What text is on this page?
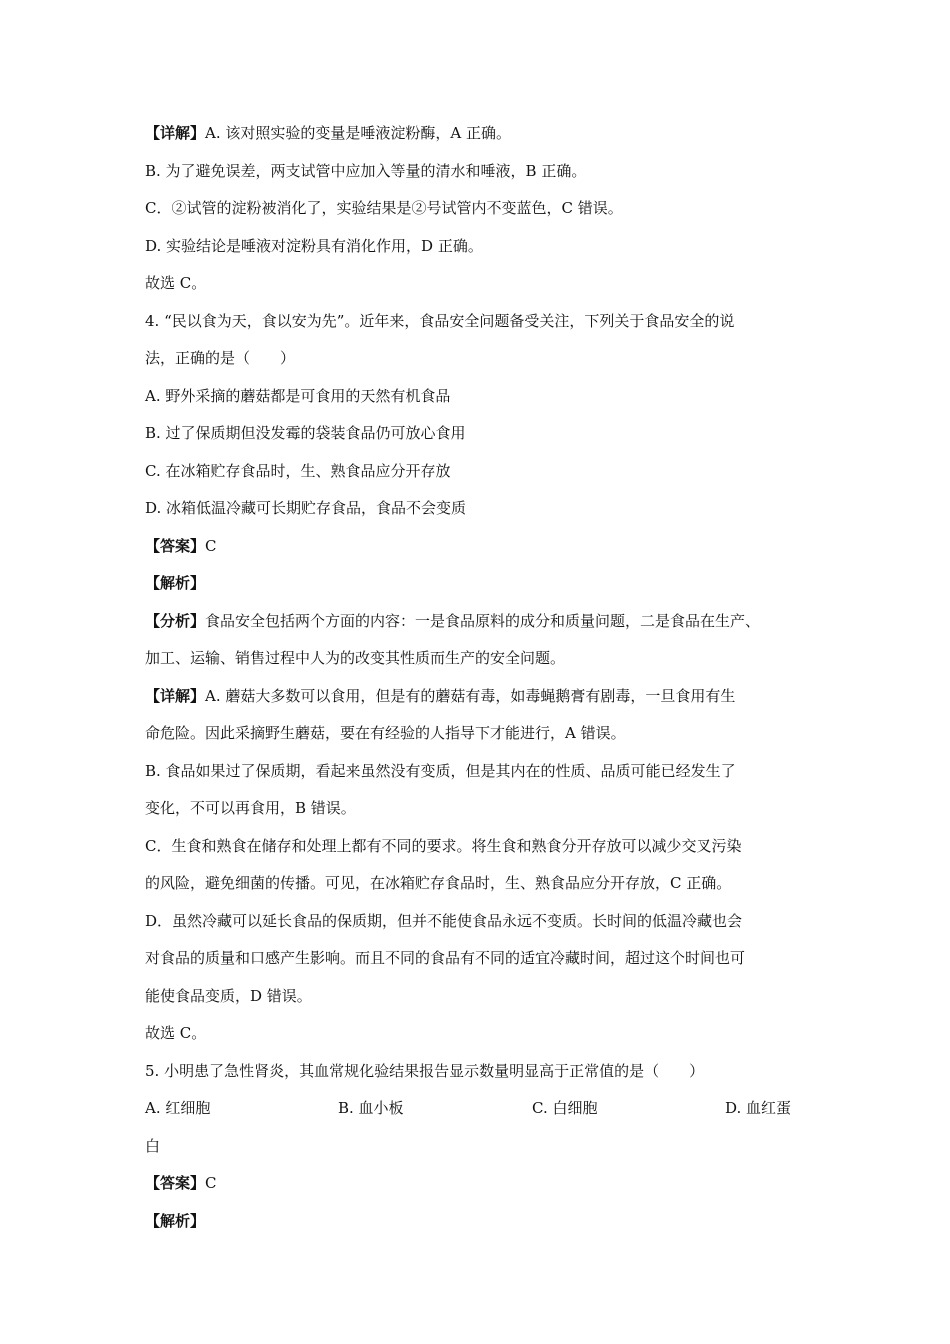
【详解】A. 该对照实验的变量是唾液淀粉酶，A 正确。
B. 为了避免误差，两支试管中应加入等量的清水和唾液，B 正确。
C．②试管的淀粉被消化了，实验结果是②号试管内不变蓝色，C 错误。
D. 实验结论是唾液对淀粉具有消化作用，D 正确。
故选 C。
4. “民以食为天，食以安为先”。近年来，食品安全问题备受关注，下列关于食品安全的说
法，正确的是（　　）
A. 野外采摘的蘑菇都是可食用的天然有机食品
B. 过了保质期但没发霉的袋装食品仍可放心食用
C. 在冰箱贮存食品时，生、熟食品应分开存放
D. 冰箱低温冷藏可长期贮存食品，食品不会变质
【答案】C
【解析】
【分析】食品安全包括两个方面的内容：一是食品原料的成分和质量问题，二是食品在生产、
加工、运输、销售过程中人为的改变其性质而生产的安全问题。
【详解】A. 蘑菇大多数可以食用，但是有的蘑菇有毒，如毒蝇鹅膏有剧毒，一旦食用有生
命危险。因此采摘野生蘑菇，要在有经验的人指导下才能进行，A 错误。
B. 食品如果过了保质期，看起来虽然没有变质，但是其内在的性质、品质可能已经发生了
变化，不可以再食用，B 错误。
C．生食和熟食在储存和处理上都有不同的要求。将生食和熟食分开存放可以减少交叉污染
的风险，避免细菌的传播。可见，在冰箱贮存食品时，生、熟食品应分开存放，C 正确。
D．虽然冷藏可以延长食品的保质期，但并不能使食品永远不变质。长时间的低温冷藏也会
对食品的质量和口感产生影响。而且不同的食品有不同的适宜冷藏时间，超过这个时间也可
能使食品变质，D 错误。
故选 C。
5. 小明患了急性肾炎，其血常规化验结果报告显示数量明显高于正常值的是（　　）
A. 红细胞	B. 血小板	C. 白细胞	D. 血红蛋
白
【答案】C
【解析】
